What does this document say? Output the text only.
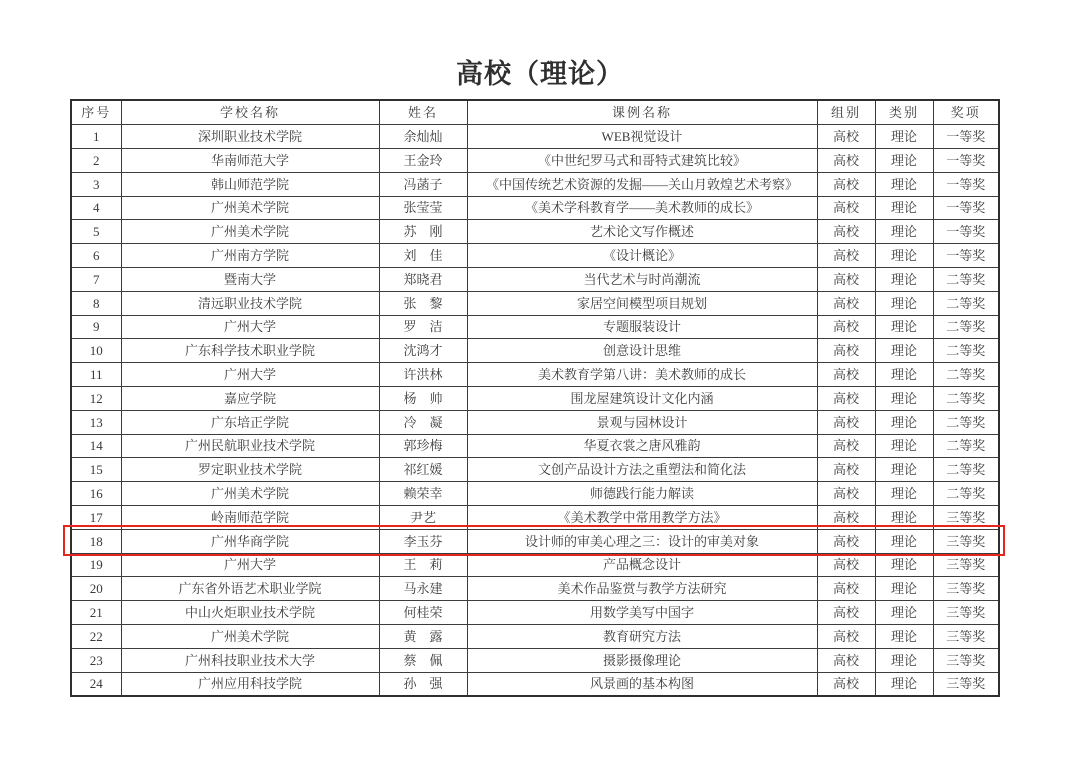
高校（理论）
序号	学校名称	姓名	课例名称	组别	类别	奖项
1	深圳职业技术学院	余灿灿	WEB视觉设计	高校	理论	一等奖
2	华南师范大学	王金玲	《中世纪罗马式和哥特式建筑比较》	高校	理论	一等奖
3	韩山师范学院	冯菡子	《中国传统艺术资源的发掘——关山月敦煌艺术考察》	高校	理论	一等奖
4	广州美术学院	张莹莹	《美术学科教育学——美术教师的成长》	高校	理论	一等奖
5	广州美术学院	苏　刚	艺术论文写作概述	高校	理论	一等奖
6	广州南方学院	刘　佳	《设计概论》	高校	理论	一等奖
7	暨南大学	郑晓君	当代艺术与时尚潮流	高校	理论	二等奖
8	清远职业技术学院	张　黎	家居空间模型项目规划	高校	理论	二等奖
9	广州大学	罗　洁	专题服装设计	高校	理论	二等奖
10	广东科学技术职业学院	沈鸿才	创意设计思维	高校	理论	二等奖
11	广州大学	许洪林	美术教育学第八讲：美术教师的成长	高校	理论	二等奖
12	嘉应学院	杨　帅	围龙屋建筑设计文化内涵	高校	理论	二等奖
13	广东培正学院	冷　凝	景观与园林设计	高校	理论	二等奖
14	广州民航职业技术学院	郭珍梅	华夏衣裳之唐风雅韵	高校	理论	二等奖
15	罗定职业技术学院	祁红媛	文创产品设计方法之重塑法和简化法	高校	理论	二等奖
16	广州美术学院	赖荣幸	师德践行能力解读	高校	理论	二等奖
17	岭南师范学院	尹艺	《美术教学中常用教学方法》	高校	理论	三等奖
18	广州华商学院	李玉芬	设计师的审美心理之三：设计的审美对象	高校	理论	三等奖
19	广州大学	王　莉	产品概念设计	高校	理论	三等奖
20	广东省外语艺术职业学院	马永建	美术作品鉴赏与教学方法研究	高校	理论	三等奖
21	中山火炬职业技术学院	何桂荣	用数学美写中国字	高校	理论	三等奖
22	广州美术学院	黄　露	教育研究方法	高校	理论	三等奖
23	广州科技职业技术大学	蔡　佩	摄影摄像理论	高校	理论	三等奖
24	广州应用科技学院	孙　强	风景画的基本构图	高校	理论	三等奖
